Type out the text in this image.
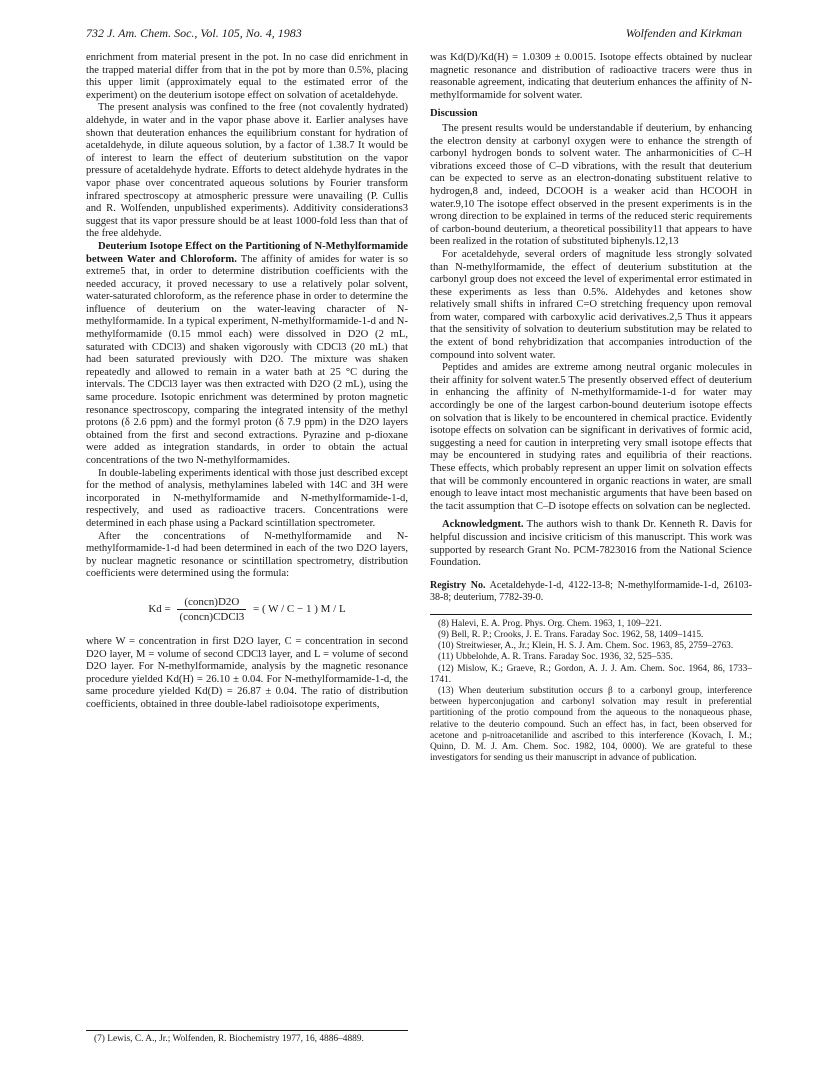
732 J. Am. Chem. Soc., Vol. 105, No. 4, 1983	Wolfenden and Kirkman

enrichment from material present in the pot. In no case did enrichment in the trapped material differ from that in the pot by more than 0.5%, placing this upper limit (approximately equal to the estimated error of the experiment) on the deuterium isotope effect on solvation of acetaldehyde.

The present analysis was confined to the free (not covalently hydrated) aldehyde, in water and in the vapor phase above it. Earlier analyses have shown that deuteration enhances the equilibrium constant for hydration of acetaldehyde, in dilute aqueous solution, by a factor of 1.38.7 It would be of interest to learn the effect of deuterium substitution on the vapor pressure of acetaldehyde hydrate. Efforts to detect aldehyde hydrates in the vapor phase over concentrated aqueous solutions by Fourier transform infrared spectroscopy at atmospheric pressure were unavailing (P. Cullis and R. Wolfenden, unpublished experiments). Additivity considerations3 suggest that its vapor pressure should be at least 1000-fold less than that of the free aldehyde.

Deuterium Isotope Effect on the Partitioning of N-Methylformamide between Water and Chloroform. The affinity of amides for water is so extreme5 that, in order to determine distribution coefficients with the needed accuracy, it proved necessary to use a relatively polar solvent, water-saturated chloroform, as the reference phase in order to determine the influence of deuterium on the water-leaving character of N-methylformamide. In a typical experiment, N-methylformamide-1-d and N-methylformamide (0.15 mmol each) were dissolved in D2O (2 mL, saturated with CDCl3) and shaken vigorously with CDCl3 (20 mL) that had been saturated previously with D2O. The mixture was shaken repeatedly and allowed to remain in a water bath at 25 °C during the intervals. The CDCl3 layer was then extracted with D2O (2 mL), using the same procedure. Isotopic enrichment was determined by proton magnetic resonance spectroscopy, comparing the integrated intensity of the methyl protons (δ 2.6 ppm) and the formyl proton (δ 7.9 ppm) in the D2O layers obtained from the first and second extractions. Pyrazine and p-dioxane were added as integration standards, in order to obtain the actual concentrations of the two N-methylformamides.

In double-labeling experiments identical with those just described except for the method of analysis, methylamines labeled with 14C and 3H were incorporated in N-methylformamide and N-methylformamide-1-d, respectively, and used as radioactive tracers. Concentrations were determined in each phase using a Packard scintillation spectrometer.

After the concentrations of N-methylformamide and N-methylformamide-1-d had been determined in each of the two D2O layers, by nuclear magnetic resonance or scintillation spectrometry, distribution coefficients were determined using the formula:

$Kd = \frac{\text{(concn)D2O}}{\text{(concn)CDCl3}}$ = ( W / C − 1 ) M / L

where W = concentration in first D2O layer, C = concentration in second D2O layer, M = volume of second CDCl3 layer, and L = volume of second D2O layer. For N-methylformamide, analysis by the magnetic resonance procedure yielded Kd(H) = 26.10 ± 0.04. For N-methylformamide-1-d, the same procedure yielded Kd(D) = 26.87 ± 0.04. The ratio of distribution coefficients, obtained in three double-label radioisotope experiments,

(7) Lewis, C. A., Jr.; Wolfenden, R. Biochemistry 1977, 16, 4886–4889.

was Kd(D)/Kd(H) = 1.0309 ± 0.0015. Isotope effects obtained by nuclear magnetic resonance and distribution of radioactive tracers were thus in reasonable agreement, indicating that deuterium enhances the affinity of N-methylformamide for solvent water.

Discussion

The present results would be understandable if deuterium, by enhancing the electron density at carbonyl oxygen were to enhance the strength of carbonyl hydrogen bonds to solvent water. The anharmonicities of C–H vibrations exceed those of C–D vibrations, with the result that deuterium can be expected to serve as an electron-donating substituent relative to hydrogen,8 and, indeed, DCOOH is a weaker acid than HCOOH in water.9,10 The isotope effect observed in the present experiments is in the wrong direction to be explained in terms of the reduced steric requirements of carbon-bound deuterium, a theoretical possibility11 that appears to have been realized in the rotation of substituted biphenyls.12,13

For acetaldehyde, several orders of magnitude less strongly solvated than N-methylformamide, the effect of deuterium substitution at the carbonyl group does not exceed the level of experimental error estimated in these experiments as less than 0.5%. Aldehydes and ketones show relatively small shifts in infrared C=O stretching frequency upon removal from water, compared with carboxylic acid derivatives.2,5 Thus it appears that the sensitivity of solvation to deuterium substitution may be related to the extent of bond rehybridization that accompanies introduction of the compound into solvent water.

Peptides and amides are extreme among neutral organic molecules in their affinity for solvent water.5 The presently observed effect of deuterium in enhancing the affinity of N-methylformamide-1-d for water may accordingly be one of the largest carbon-bound deuterium isotope effects on solvation that is likely to be encountered in chemical practice. Evidently isotope effects on solvation can be significant in derivatives of formic acid, suggesting a need for caution in interpreting very small isotope effects that may be encountered in studying rates and equilibria of their reactions. These effects, which probably represent an upper limit on solvation effects that will be commonly encountered in organic reactions in water, are small enough to leave intact most mechanistic arguments that have been based on the tacit assumption that C–D isotope effects on solvation can be neglected.

Acknowledgment. The authors wish to thank Dr. Kenneth R. Davis for helpful discussion and incisive criticism of this manuscript. This work was supported by research Grant No. PCM-7823016 from the National Science Foundation.

Registry No. Acetaldehyde-1-d, 4122-13-8; N-methylformamide-1-d, 26103-38-8; deuterium, 7782-39-0.
(8) Halevi, E. A. Prog. Phys. Org. Chem. 1963, 1, 109–221.
(9) Bell, R. P.; Crooks, J. E. Trans. Faraday Soc. 1962, 58, 1409–1415.
(10) Streitwieser, A., Jr.; Klein, H. S. J. Am. Chem. Soc. 1963, 85, 2759–2763.
(11) Ubbelohde, A. R. Trans. Faraday Soc. 1936, 32, 525–535.
(12) Mislow, K.; Graeve, R.; Gordon, A. J. J. Am. Chem. Soc. 1964, 86, 1733–1741.
(13) When deuterium substitution occurs β to a carbonyl group, interference between hyperconjugation and carbonyl solvation may result in preferential partitioning of the protio compound from the aqueous to the nonaqueous phase, relative to the deuterio compound. Such an effect has, in fact, been observed for acetone and p-nitroacetanilide and ascribed to this interference (Kovach, I. M.; Quinn, D. M. J. Am. Chem. Soc. 1982, 104, 0000). We are grateful to these investigators for sending us their manuscript in advance of publication.
